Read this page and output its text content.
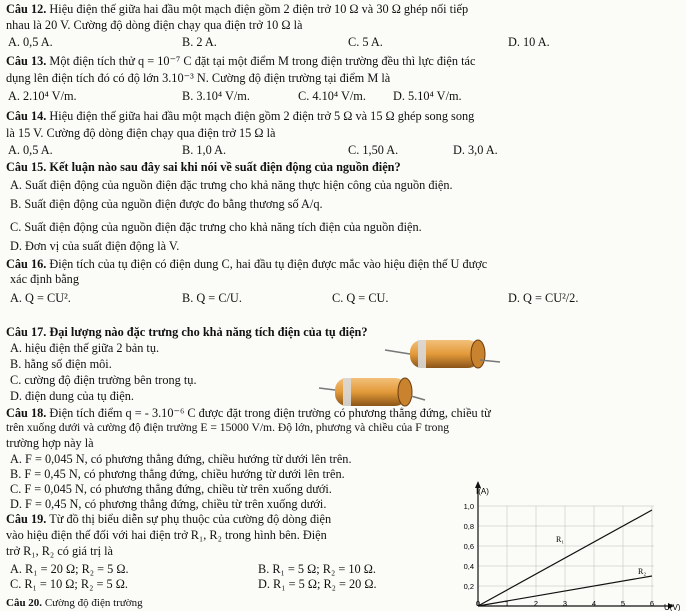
Câu 12. Hiệu điện thế giữa hai đầu một mạch điện gồm 2 điện trở 10 Ω và 30 Ω ghép nối tiếp
nhau là 20 V. Cường độ dòng điện chạy qua điện trở 10 Ω là
A. 0,5 A.	B. 2 A.	C. 5 A.	D. 10 A.
Câu 13. Một điện tích thử q = 10⁻⁷ C đặt tại một điểm M trong điện trường đều thì lực điện tác
dụng lên điện tích đó có độ lớn 3.10⁻³ N. Cường độ điện trường tại điểm M là
A. 2.10⁴ V/m.	B. 3.10⁴ V/m.	C. 4.10⁴ V/m. D. 5.10⁴ V/m.
Câu 14. Hiệu điện thế giữa hai đầu một mạch điện gồm 2 điện trở 5 Ω và 15 Ω ghép song song
là 15 V. Cường độ dòng điện chạy qua điện trở 15 Ω là
A. 0,5 A.	B. 1,0 A.	C. 1,50 A.	D. 3,0 A.
Câu 15. Kết luận nào sau đây sai khi nói về suất điện động của nguồn điện?
A. Suất điện động của nguồn điện đặc trưng cho khả năng thực hiện công của nguồn điện.
B. Suất điện động của nguồn điện được đo bằng thương số A/q.
C. Suất điện động của nguồn điện đặc trưng cho khả năng tích điện của nguồn điện.
D. Đơn vị của suất điện động là V.
Câu 16. Điện tích của tụ điện có điện dung C, hai đầu tụ điện được mắc vào hiệu điện thế U được
xác định bằng
A. Q = CU².	B. Q = C/U.	C. Q = CU.	D. Q = CU²/2.
Câu 17. Đại lượng nào đặc trưng cho khả năng tích điện của tụ điện?
A. hiệu điện thế giữa 2 bản tụ.
B. hằng số điện môi.
C. cường độ điện trường bên trong tụ.
D. điện dung của tụ điện.
Câu 18. Điện tích điểm q = - 3.10⁻⁶ C được đặt trong điện trường có phương thẳng đứng, chiều từ
trên xuống dưới và cường độ điện trường E = 15000 V/m. Độ lớn, phương và chiều của F trong
trường hợp này là
A. F = 0,045 N, có phương thẳng đứng, chiều hướng từ dưới lên trên.
B. F = 0,45 N, có phương thẳng đứng, chiều hướng từ dưới lên trên.
C. F = 0,045 N, có phương thẳng đứng, chiều từ trên xuống dưới.
D. F = 0,45 N, có phương thẳng đứng, chiều từ trên xuống dưới.
Câu 19. Từ đồ thị biểu diễn sự phụ thuộc của cường độ dòng điện
vào hiệu điện thế đối với hai điện trở R₁, R₂ trong hình bên. Điện
trở R₁, R₂ có giá trị là
A. R₁ = 20 Ω; R₂ = 5 Ω.	B. R₁ = 5 Ω; R₂ = 10 Ω.
C. R₁ = 10 Ω; R₂ = 5 Ω.	D. R₁ = 5 Ω; R₂ = 20 Ω.
Câu 20. Cường độ điện trường
I(A)
U(V)
1,0
0,8
0,6
0,4
0,2
0	1	2	3	4	5	6
R₁
R₂
